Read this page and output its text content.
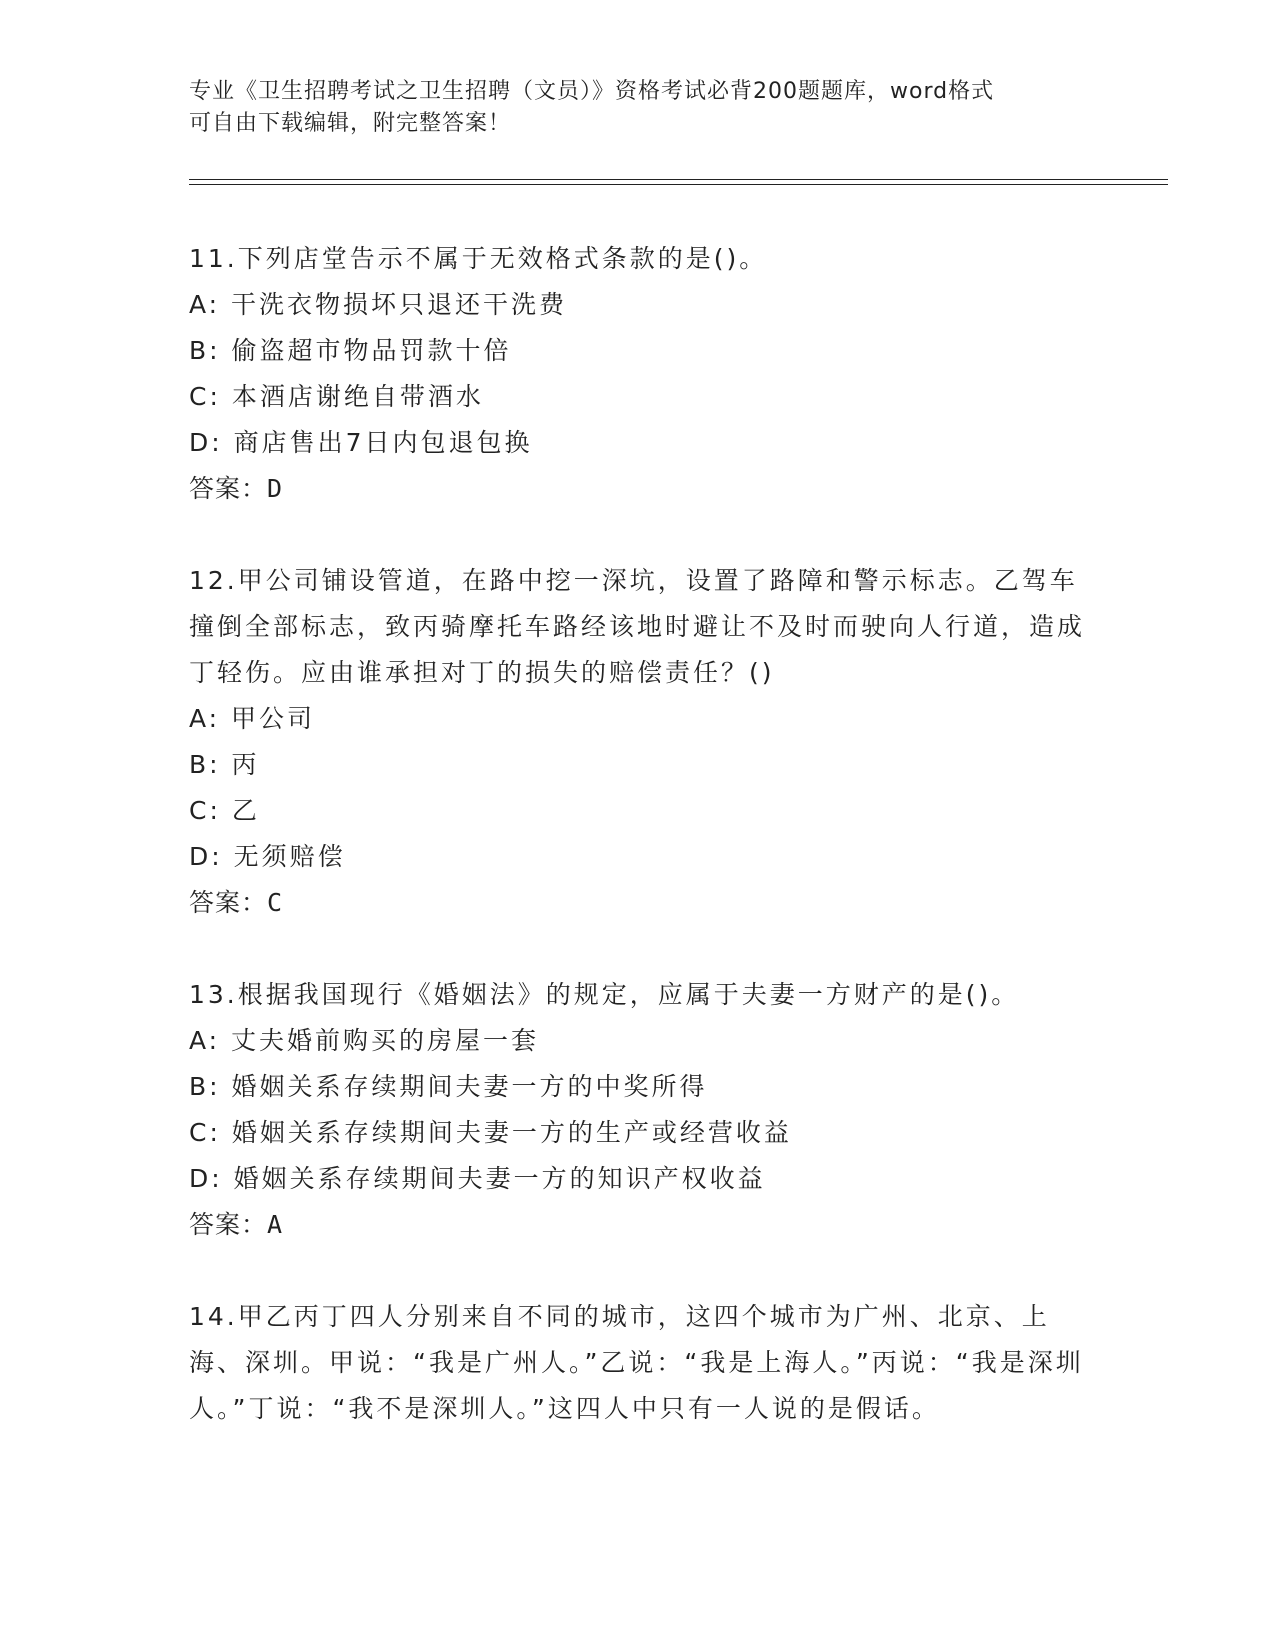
专业《卫生招聘考试之卫生招聘（文员）》资格考试必背200题题库，word格式
可自由下载编辑，附完整答案！
11.下列店堂告示不属于无效格式条款的是()。
A: 干洗衣物损坏只退还干洗费
B: 偷盗超市物品罚款十倍
C: 本酒店谢绝自带酒水
D: 商店售出7日内包退包换
答案：D
12.甲公司铺设管道，在路中挖一深坑，设置了路障和警示标志。乙驾车撞倒全部标志，致丙骑摩托车路经该地时避让不及时而驶向人行道，造成丁轻伤。应由谁承担对丁的损失的赔偿责任？()
A: 甲公司
B: 丙
C: 乙
D: 无须赔偿
答案：C
13.根据我国现行《婚姻法》的规定，应属于夫妻一方财产的是()。
A: 丈夫婚前购买的房屋一套
B: 婚姻关系存续期间夫妻一方的中奖所得
C: 婚姻关系存续期间夫妻一方的生产或经营收益
D: 婚姻关系存续期间夫妻一方的知识产权收益
答案：A
14.甲乙丙丁四人分别来自不同的城市，这四个城市为广州、北京、上海、深圳。甲说：“我是广州人。”乙说：“我是上海人。”丙说：“我是深圳人。”丁说：“我不是深圳人。”这四人中只有一人说的是假话。
